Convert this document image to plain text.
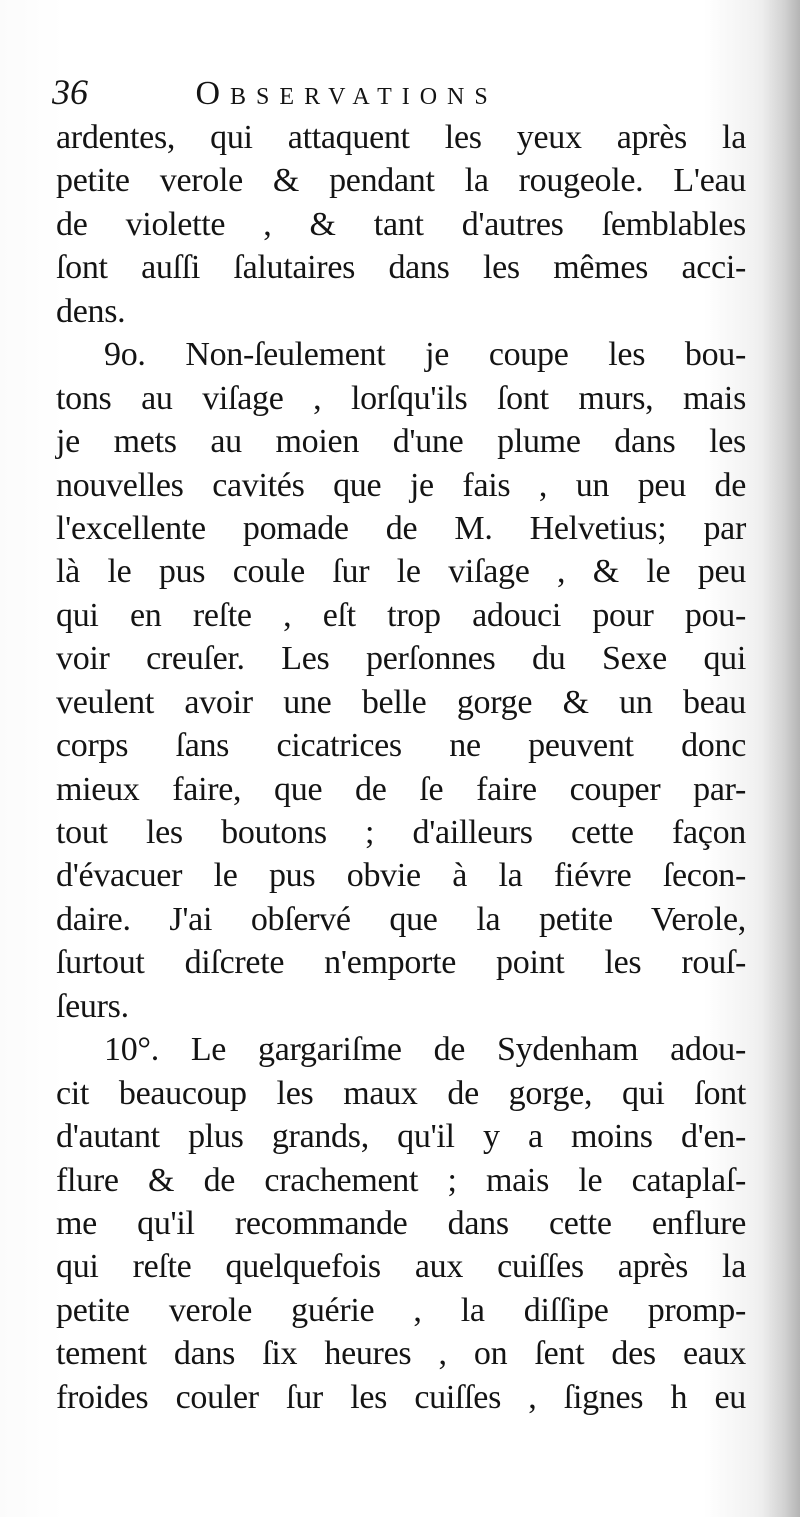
36	Observations
ardentes, qui attaquent les yeux après la
petite verole & pendant la rougeole. L'eau
de violette , & tant d'autres ſemblables
ſont auſſi ſalutaires dans les mêmes acci-
dens.
9o. Non-ſeulement je coupe les bou-
tons au viſage , lorſqu'ils ſont murs, mais
je mets au moien d'une plume dans les
nouvelles cavités que je fais , un peu de
l'excellente pomade de M. Helvetius; par
là le pus coule ſur le viſage , & le peu
qui en reſte , eſt trop adouci pour pou-
voir creuſer. Les perſonnes du Sexe qui
veulent avoir une belle gorge & un beau
corps ſans cicatrices ne peuvent donc
mieux faire, que de ſe faire couper par-
tout les boutons ; d'ailleurs cette façon
d'évacuer le pus obvie à la fiévre ſecon-
daire. J'ai obſervé que la petite Verole,
ſurtout diſcrete n'emporte point les rouſ-
ſeurs.
10°. Le gargariſme de Sydenham adou-
cit beaucoup les maux de gorge, qui ſont
d'autant plus grands, qu'il y a moins d'en-
flure & de crachement ; mais le cataplaſ-
me qu'il recommande dans cette enflure
qui reſte quelquefois aux cuiſſes après la
petite verole guérie , la diſſipe promp-
tement dans ſix heures , on ſent des eaux
froides couler ſur les cuiſſes , ſignes h eu
